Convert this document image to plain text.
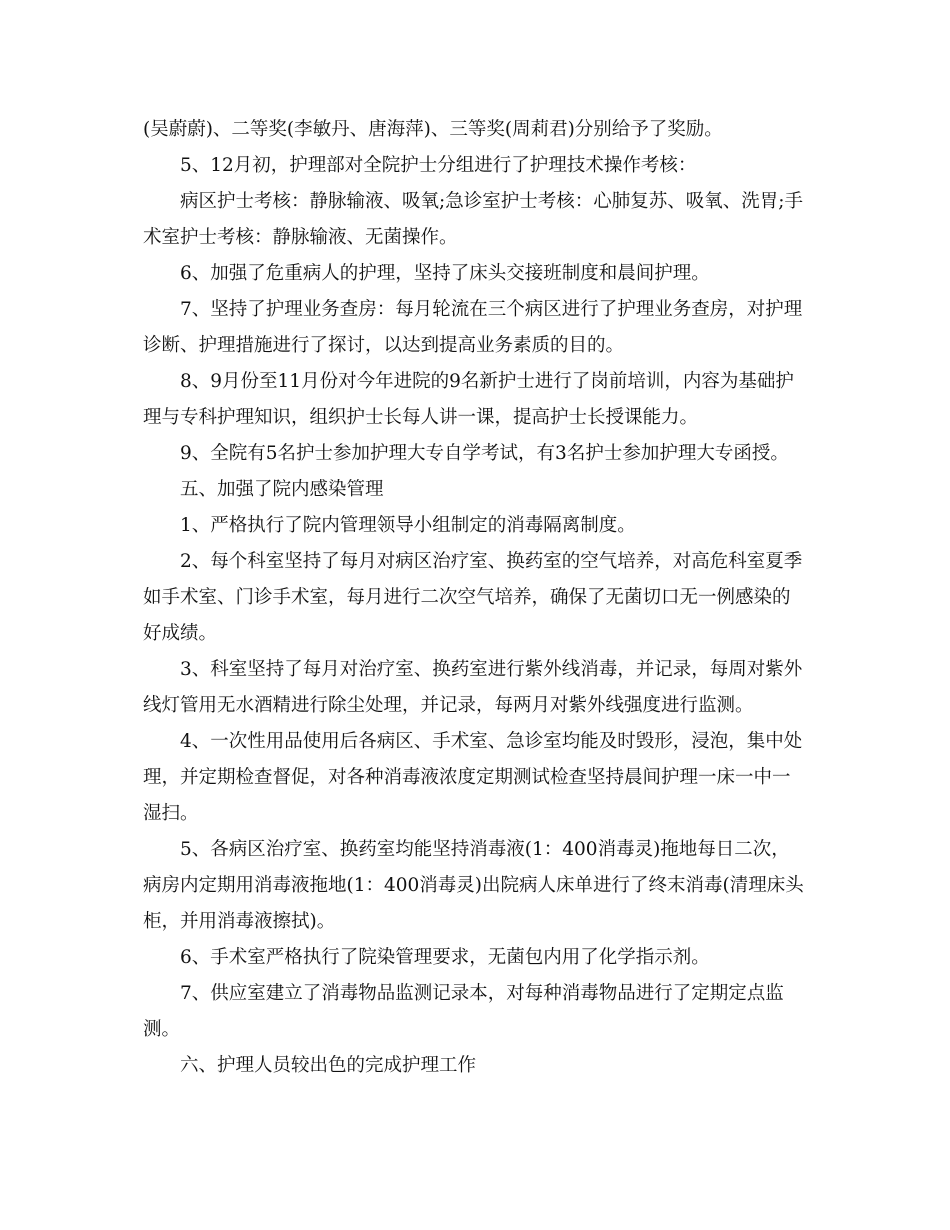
(吴蔚蔚)、二等奖(李敏丹、唐海萍)、三等奖(周莉君)分别给予了奖励。

5、12月初，护理部对全院护士分组进行了护理技术操作考核：

病区护士考核：静脉输液、吸氧;急诊室护士考核：心肺复苏、吸氧、洗胃;手术室护士考核：静脉输液、无菌操作。

6、加强了危重病人的护理，坚持了床头交接班制度和晨间护理。

7、坚持了护理业务查房：每月轮流在三个病区进行了护理业务查房，对护理诊断、护理措施进行了探讨，以达到提高业务素质的目的。

8、9月份至11月份对今年进院的9名新护士进行了岗前培训，内容为基础护理与专科护理知识，组织护士长每人讲一课，提高护士长授课能力。

9、全院有5名护士参加护理大专自学考试，有3名护士参加护理大专函授。

五、加强了院内感染管理

1、严格执行了院内管理领导小组制定的消毒隔离制度。

2、每个科室坚持了每月对病区治疗室、换药室的空气培养，对高危科室夏季如手术室、门诊手术室，每月进行二次空气培养，确保了无菌切口无一例感染的好成绩。

3、科室坚持了每月对治疗室、换药室进行紫外线消毒，并记录，每周对紫外线灯管用无水酒精进行除尘处理，并记录，每两月对紫外线强度进行监测。

4、一次性用品使用后各病区、手术室、急诊室均能及时毁形，浸泡，集中处理，并定期检查督促，对各种消毒液浓度定期测试检查坚持晨间护理一床一中一湿扫。

5、各病区治疗室、换药室均能坚持消毒液(1：400消毒灵)拖地每日二次，病房内定期用消毒液拖地(1：400消毒灵)出院病人床单进行了终末消毒(清理床头柜，并用消毒液擦拭)。

6、手术室严格执行了院染管理要求，无菌包内用了化学指示剂。

7、供应室建立了消毒物品监测记录本，对每种消毒物品进行了定期定点监测。

六、护理人员较出色的完成护理工作
